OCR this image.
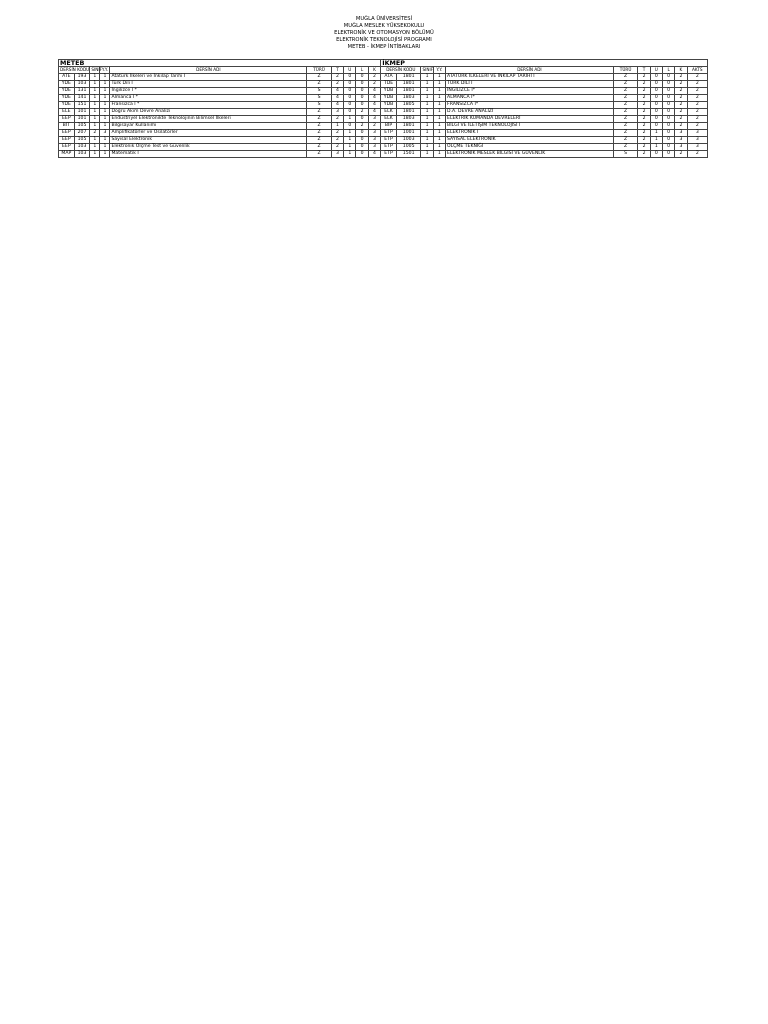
MUĞLA ÜNİVERSİTESİ
MUĞLA MESLEK YÜKSEKOKULU
ELEKTRONİK VE OTOMASYON BÖLÜMÜ
ELEKTRONİK TEKNOLOJİSİ PROGRAMI
METEB - İKMEP İNTİBAKLARI
METEB										İKMEP										
DERSİN KODU		SINIF	Y.Y.	DERSİN ADI	TÜRÜ	T	U	L	K	DERSİN KODU		SINIF	Y.Y.	DERSİN ADI	TÜRÜ	T	U	L	K	AKTS
ATE	193	1	1	Atatürk İlkeleri ve İnkılap Tarihi I	Z	2	0	0	2	ATA	1801	1	1	ATATÜRK İLKELERİ VE İNKILAP TARİHİ I	Z	2	0	0	2	2
YDE	103	1	1	Türk Dili I	Z	2	0	0	2	TDE	1801	1	1	TÜRK DİLİ I	Z	2	0	0	2	2
YDE	131	1	1	İngilizce I *	S	4	0	0	4	YDB	1801	1	1	İNGİLİZCE I*	Z	2	0	0	2	2
YDE	141	1	1	Almanca I *	S	4	0	0	4	YDB	1803	1	1	ALMANCA I*	Z	2	0	0	2	2
YDE	151	1	1	Fransızca I *	S	4	0	0	4	YDB	1805	1	1	FRANSIZCA I*	Z	2	0	0	2	2
ELE	101	1	1	Doğru Akım Devre Analizi	Z	3	0	2	4	ELK	1801	1	1	D.A. DEVRE ANALİZİ	Z	2	0	0	2	2
EEP	101	1	1	Endüstriyel Elektronikte Teknolojinin Bilimsel İlkeleri	Z	2	1	0	3	ELK	1803	1	1	ELEKTRİK KUMANDA DEVRELERİ	Z	2	0	0	2	2
BİT	105	1	1	Bilgisayar Kullanımı	Z	1	0	2	2	BİP	1801	1	1	BİLGİ VE İLETİŞİM TEKNOLOJİSİ I	Z	2	0	0	2	2
EEP	207	2	3	Amplifikatörler ve Osilatörler	Z	2	1	0	3	ETP	1001	1	1	ELEKTRONİK I	Z	2	1	0	3	3
EEP	105	1	1	Sayısal Elektronik	Z	2	1	0	3	ETP	1003	1	1	SAYISAL ELEKTRONİK	Z	2	1	0	3	3
EEP	103	1	1	Elektronik Ölçme Test ve Güvenlik	Z	2	1	0	3	ETP	1005	1	1	ÖLÇME TEKNİĞİ	Z	2	1	0	3	3
MAP	103	1	1	Matematik I	Z	3	1	0	4	ETP	1501	1	1	ELEKTRONİK MESLEK BİLGİSİ VE GÜVENLİK	S	2	0	0	2	2
